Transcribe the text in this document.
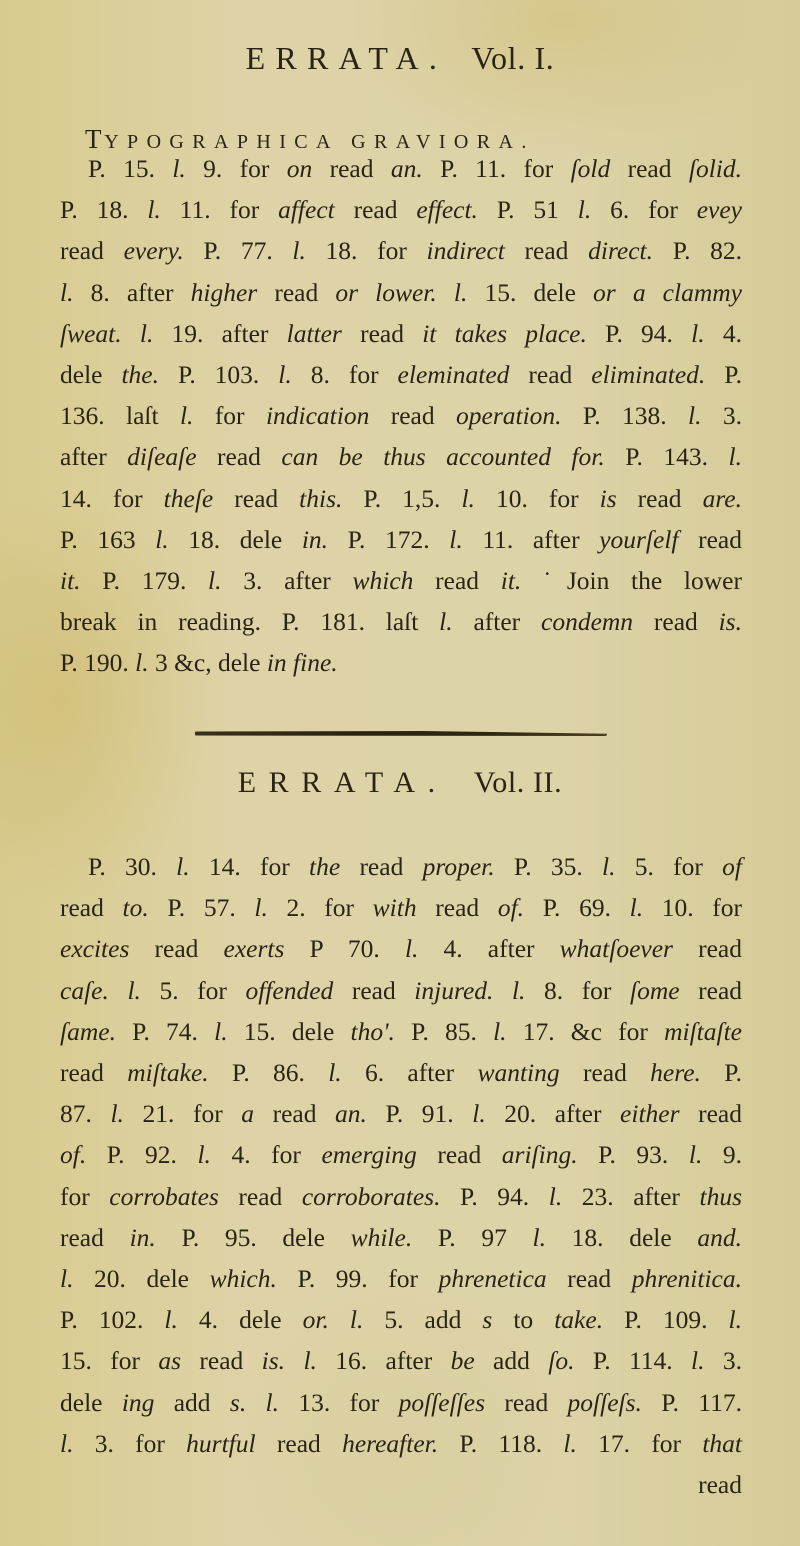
ERRATA. Vol. I.
TYPOGRAPHICA GRAVIORA.
P. 15. l. 9. for on read an. P. 11. for ſold read ſolid.
P. 18. l. 11. for affect read effect. P. 51 l. 6. for evey
read every. P. 77. l. 18. for indirect read direct. P. 82.
l. 8. after higher read or lower. l. 15. dele or a clammy
ſweat. l. 19. after latter read it takes place. P. 94. l. 4.
dele the. P. 103. l. 8. for eleminated read eliminated. P.
136. laſt l. for indication read operation. P. 138. l. 3.
after diſeaſe read can be thus accounted for. P. 143. l.
14. for theſe read this. P. 1,5. l. 10. for is read are.
P. 163 l. 18. dele in. P. 172. l. 11. after yourſelf read
it. P. 179. l. 3. after which read it. ˙Join the lower
break in reading. P. 181. laſt l. after condemn read is.
P. 190. l. 3 &c, dele in fine.
ERRATA. Vol. II.
P. 30. l. 14. for the read proper. P. 35. l. 5. for of
read to. P. 57. l. 2. for with read of. P. 69. l. 10. for
excites read exerts P 70. l. 4. after whatſoever read
caſe. l. 5. for offended read injured. l. 8. for ſome read
ſame. P. 74. l. 15. dele tho'. P. 85. l. 17. &c for miſtaſte
read miſtake. P. 86. l. 6. after wanting read here. P.
87. l. 21. for a read an. P. 91. l. 20. after either read
of. P. 92. l. 4. for emerging read ariſing. P. 93. l. 9.
for corrobates read corroborates. P. 94. l. 23. after thus
read in. P. 95. dele while. P. 97 l. 18. dele and.
l. 20. dele which. P. 99. for phrenetica read phrenitica.
P. 102. l. 4. dele or. l. 5. add s to take. P. 109. l.
15. for as read is. l. 16. after be add ſo. P. 114. l. 3.
dele ing add s. l. 13. for poſſeſſes read poſſeſs. P. 117.
l. 3. for hurtful read hereafter. P. 118. l. 17. for that
read
